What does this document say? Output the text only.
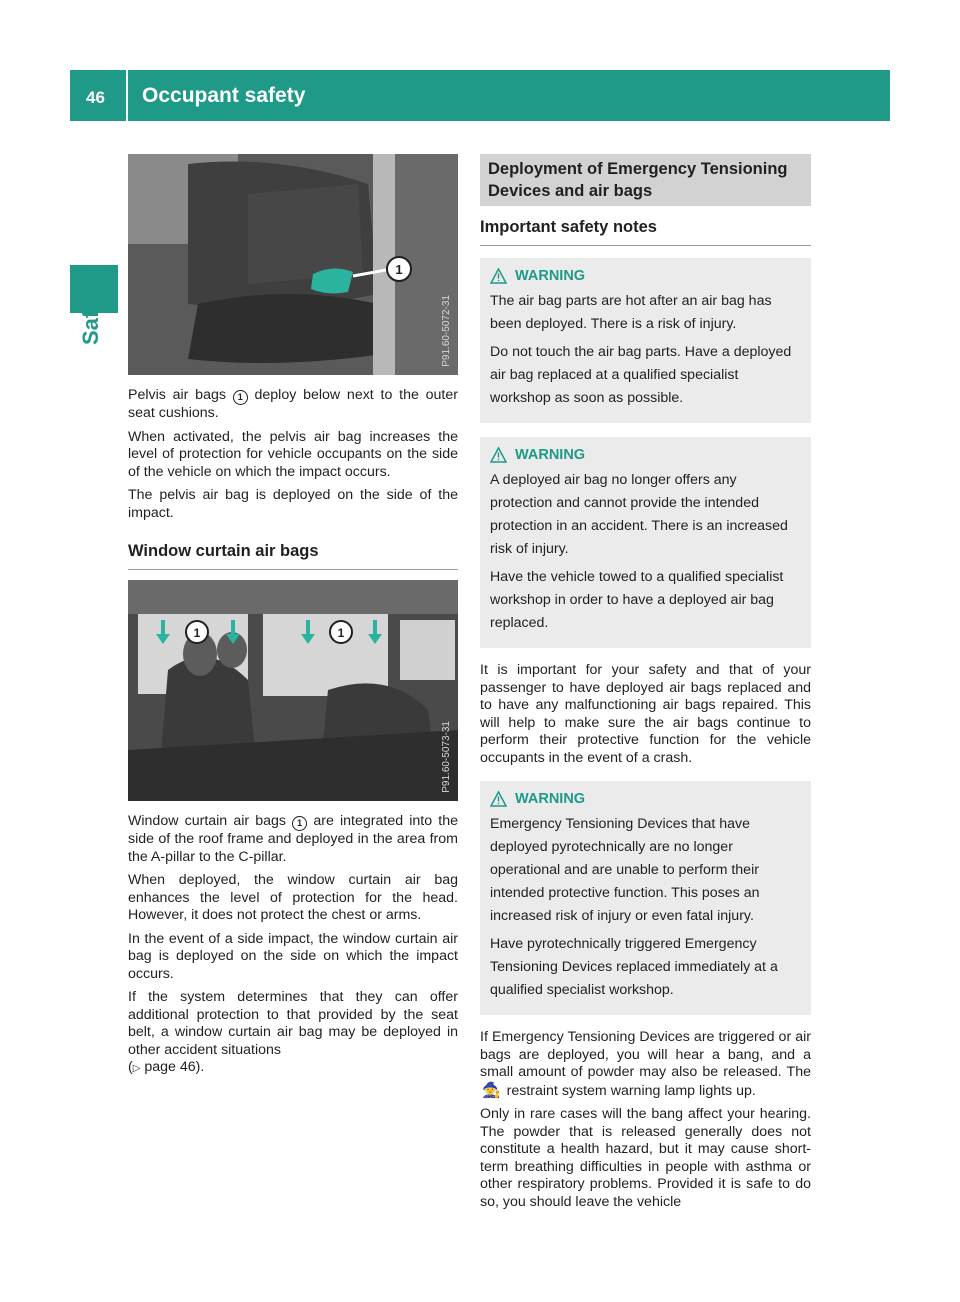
46 Occupant safety
Safety
1
P91.60-5072-31

Pelvis air bags 1 deploy below next to the outer seat cushions.

When activated, the pelvis air bag increases the level of protection for vehicle occupants on the side of the vehicle on which the impact occurs.

The pelvis air bag is deployed on the side of the impact.

Window curtain air bags
1	1
P91.60-5073-31

Window curtain air bags 1 are integrated into the side of the roof frame and deployed in the area from the A-pillar to the C-pillar.

When deployed, the window curtain air bag enhances the level of protection for the head. However, it does not protect the chest or arms.

In the event of a side impact, the window curtain air bag is deployed on the side on which the impact occurs.

If the system determines that they can offer additional protection to that provided by the seat belt, a window curtain air bag may be deployed in other accident situations
(▷ page 46).

Deployment of Emergency Tensioning Devices and air bags
Important safety notes
WARNING

The air bag parts are hot after an air bag has been deployed. There is a risk of injury.

Do not touch the air bag parts. Have a deployed air bag replaced at a qualified specialist workshop as soon as possible.

WARNING

A deployed air bag no longer offers any protection and cannot provide the intended protection in an accident. There is an increased risk of injury.

Have the vehicle towed to a qualified specialist workshop in order to have a deployed air bag replaced.

It is important for your safety and that of your passenger to have deployed air bags replaced and to have any malfunctioning air bags repaired. This will help to make sure the air bags continue to perform their protective function for the vehicle occupants in the event of a crash.

WARNING

Emergency Tensioning Devices that have deployed pyrotechnically are no longer operational and are unable to perform their intended protective function. This poses an increased risk of injury or even fatal injury.

Have pyrotechnically triggered Emergency Tensioning Devices replaced immediately at a qualified specialist workshop.

If Emergency Tensioning Devices are triggered or air bags are deployed, you will hear a bang, and a small amount of powder may also be released. The 🧙 restraint system warning lamp lights up.

Only in rare cases will the bang affect your hearing. The powder that is released generally does not constitute a health hazard, but it may cause short-term breathing difficulties in people with asthma or other respiratory problems. Provided it is safe to do so, you should leave the vehicle
